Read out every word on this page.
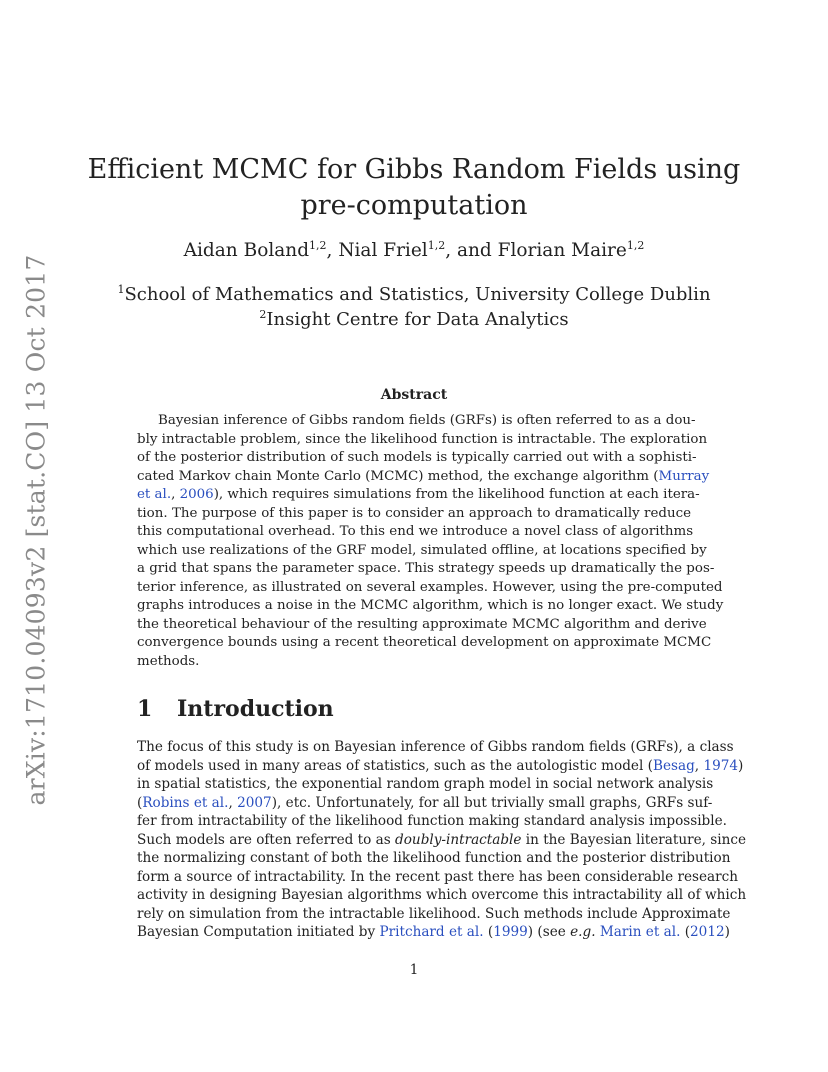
arXiv:1710.04093v2 [stat.CO] 13 Oct 2017
Efficient MCMC for Gibbs Random Fields using
pre-computation
Aidan Boland$^{1,2}$, Nial Friel$^{1,2}$, and Florian Maire$^{1,2}$
$^1$School of Mathematics and Statistics, University College Dublin
$^2$Insight Centre for Data Analytics
Abstract
Bayesian inference of Gibbs random fields (GRFs) is often referred to as a dou-
bly intractable problem, since the likelihood function is intractable. The exploration
of the posterior distribution of such models is typically carried out with a sophisti-
cated Markov chain Monte Carlo (MCMC) method, the exchange algorithm (Murray
et al., 2006), which requires simulations from the likelihood function at each itera-
tion. The purpose of this paper is to consider an approach to dramatically reduce
this computational overhead. To this end we introduce a novel class of algorithms
which use realizations of the GRF model, simulated offline, at locations specified by
a grid that spans the parameter space. This strategy speeds up dramatically the pos-
terior inference, as illustrated on several examples. However, using the pre-computed
graphs introduces a noise in the MCMC algorithm, which is no longer exact. We study
the theoretical behaviour of the resulting approximate MCMC algorithm and derive
convergence bounds using a recent theoretical development on approximate MCMC
methods.
1 Introduction
The focus of this study is on Bayesian inference of Gibbs random fields (GRFs), a class
of models used in many areas of statistics, such as the autologistic model (Besag, 1974)
in spatial statistics, the exponential random graph model in social network analysis
(Robins et al., 2007), etc. Unfortunately, for all but trivially small graphs, GRFs suf-
fer from intractability of the likelihood function making standard analysis impossible.
Such models are often referred to as doubly-intractable in the Bayesian literature, since
the normalizing constant of both the likelihood function and the posterior distribution
form a source of intractability. In the recent past there has been considerable research
activity in designing Bayesian algorithms which overcome this intractability all of which
rely on simulation from the intractable likelihood. Such methods include Approximate
Bayesian Computation initiated by Pritchard et al. (1999) (see e.g. Marin et al. (2012)
1
